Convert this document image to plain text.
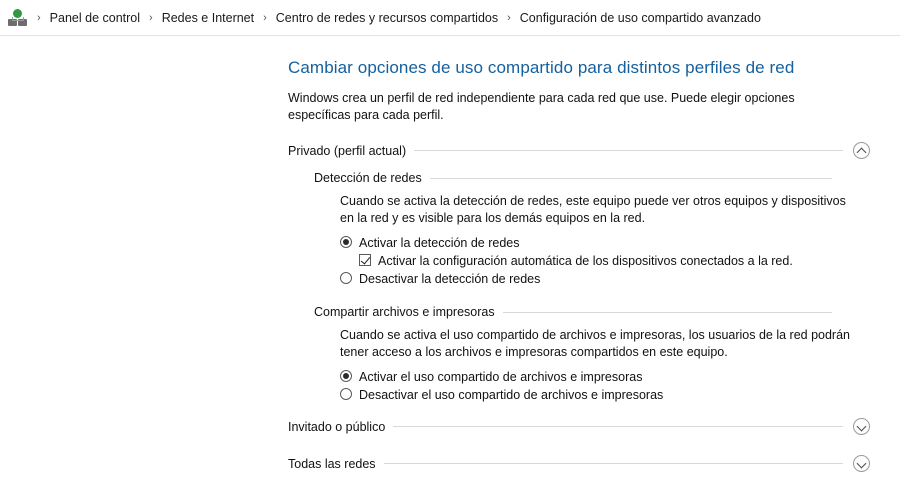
› Panel de control › Redes e Internet › Centro de redes y recursos compartidos › Configuración de uso compartido avanzado
Cambiar opciones de uso compartido para distintos perfiles de red

Windows crea un perfil de red independiente para cada red que use. Puede elegir opciones específicas para cada perfil.

Privado (perfil actual)
Detección de redes

Cuando se activa la detección de redes, este equipo puede ver otros equipos y dispositivos en la red y es visible para los demás equipos en la red.

Activar la detección de redes
Activar la configuración automática de los dispositivos conectados a la red.
Desactivar la detección de redes
Compartir archivos e impresoras

Cuando se activa el uso compartido de archivos e impresoras, los usuarios de la red podrán tener acceso a los archivos e impresoras compartidos en este equipo.

Activar el uso compartido de archivos e impresoras
Desactivar el uso compartido de archivos e impresoras
Invitado o público
Todas las redes
